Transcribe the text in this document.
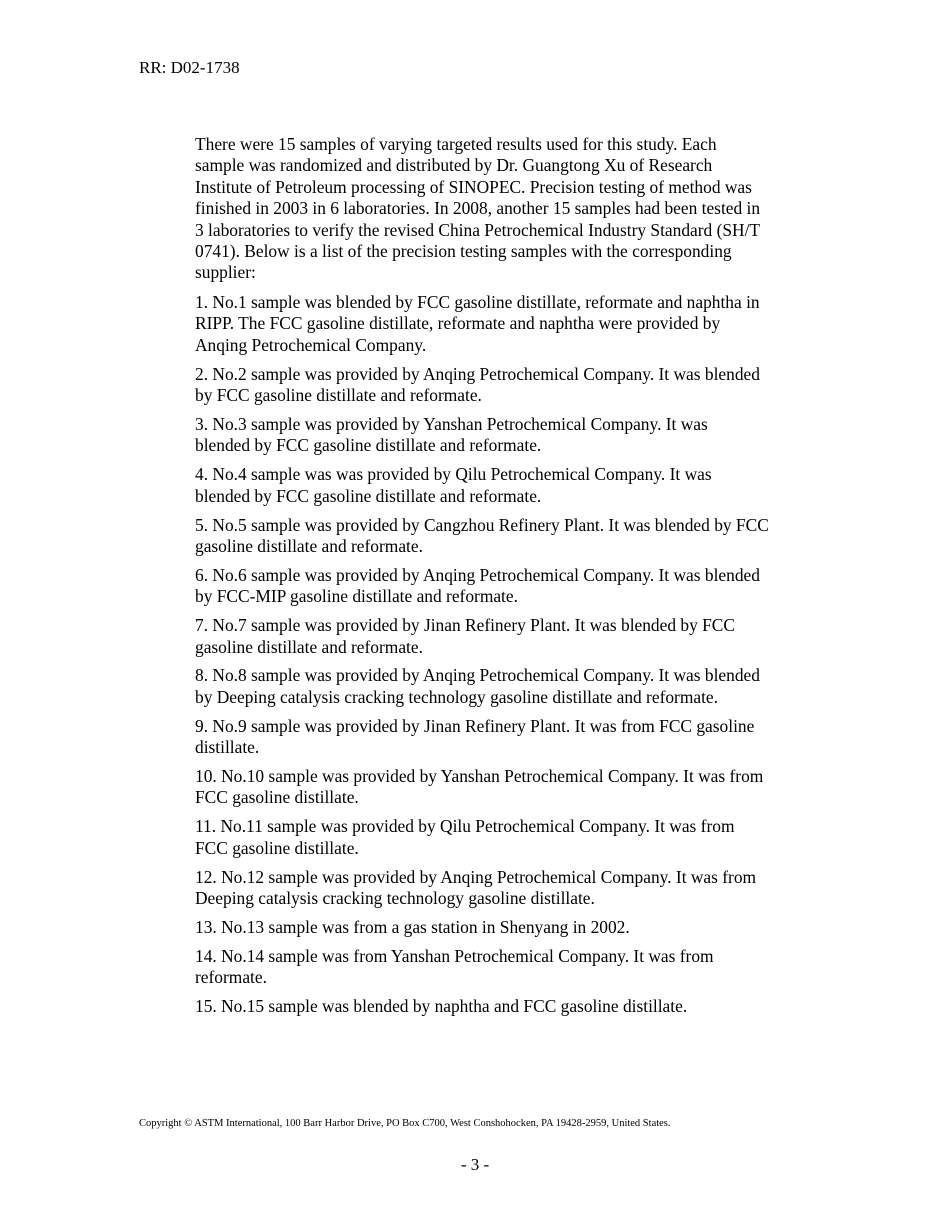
RR: D02-1738

There were 15 samples of varying targeted results used for this study. Each
sample was randomized and distributed by Dr. Guangtong Xu of Research
Institute of Petroleum processing of SINOPEC. Precision testing of method was
finished in 2003 in 6 laboratories. In 2008, another 15 samples had been tested in
3 laboratories to verify the revised China Petrochemical Industry Standard (SH/T
0741). Below is a list of the precision testing samples with the corresponding
supplier:

1. No.1 sample was blended by FCC gasoline distillate, reformate and naphtha in
RIPP. The FCC gasoline distillate, reformate and naphtha were provided by
Anqing Petrochemical Company.

2. No.2 sample was provided by Anqing Petrochemical Company. It was blended
by FCC gasoline distillate and reformate.

3. No.3 sample was provided by Yanshan Petrochemical Company. It was
blended by FCC gasoline distillate and reformate.

4. No.4 sample was was provided by Qilu Petrochemical Company. It was
blended by FCC gasoline distillate and reformate.

5. No.5 sample was provided by Cangzhou Refinery Plant. It was blended by FCC
gasoline distillate and reformate.

6. No.6 sample was provided by Anqing Petrochemical Company. It was blended
by FCC-MIP gasoline distillate and reformate.

7. No.7 sample was provided by Jinan Refinery Plant. It was blended by FCC
gasoline distillate and reformate.

8. No.8 sample was provided by Anqing Petrochemical Company. It was blended
by Deeping catalysis cracking technology gasoline distillate and reformate.

9. No.9 sample was provided by Jinan Refinery Plant. It was from FCC gasoline
distillate.

10. No.10 sample was provided by Yanshan Petrochemical Company. It was from
FCC gasoline distillate.

11. No.11 sample was provided by Qilu Petrochemical Company. It was from
FCC gasoline distillate.

12. No.12 sample was provided by Anqing Petrochemical Company. It was from
Deeping catalysis cracking technology gasoline distillate.

13. No.13 sample was from a gas station in Shenyang in 2002.

14. No.14 sample was from Yanshan Petrochemical Company. It was from
reformate.

15. No.15 sample was blended by naphtha and FCC gasoline distillate.

Copyright © ASTM International, 100 Barr Harbor Drive, PO Box C700, West Conshohocken, PA 19428-2959, United States.
- 3 -
